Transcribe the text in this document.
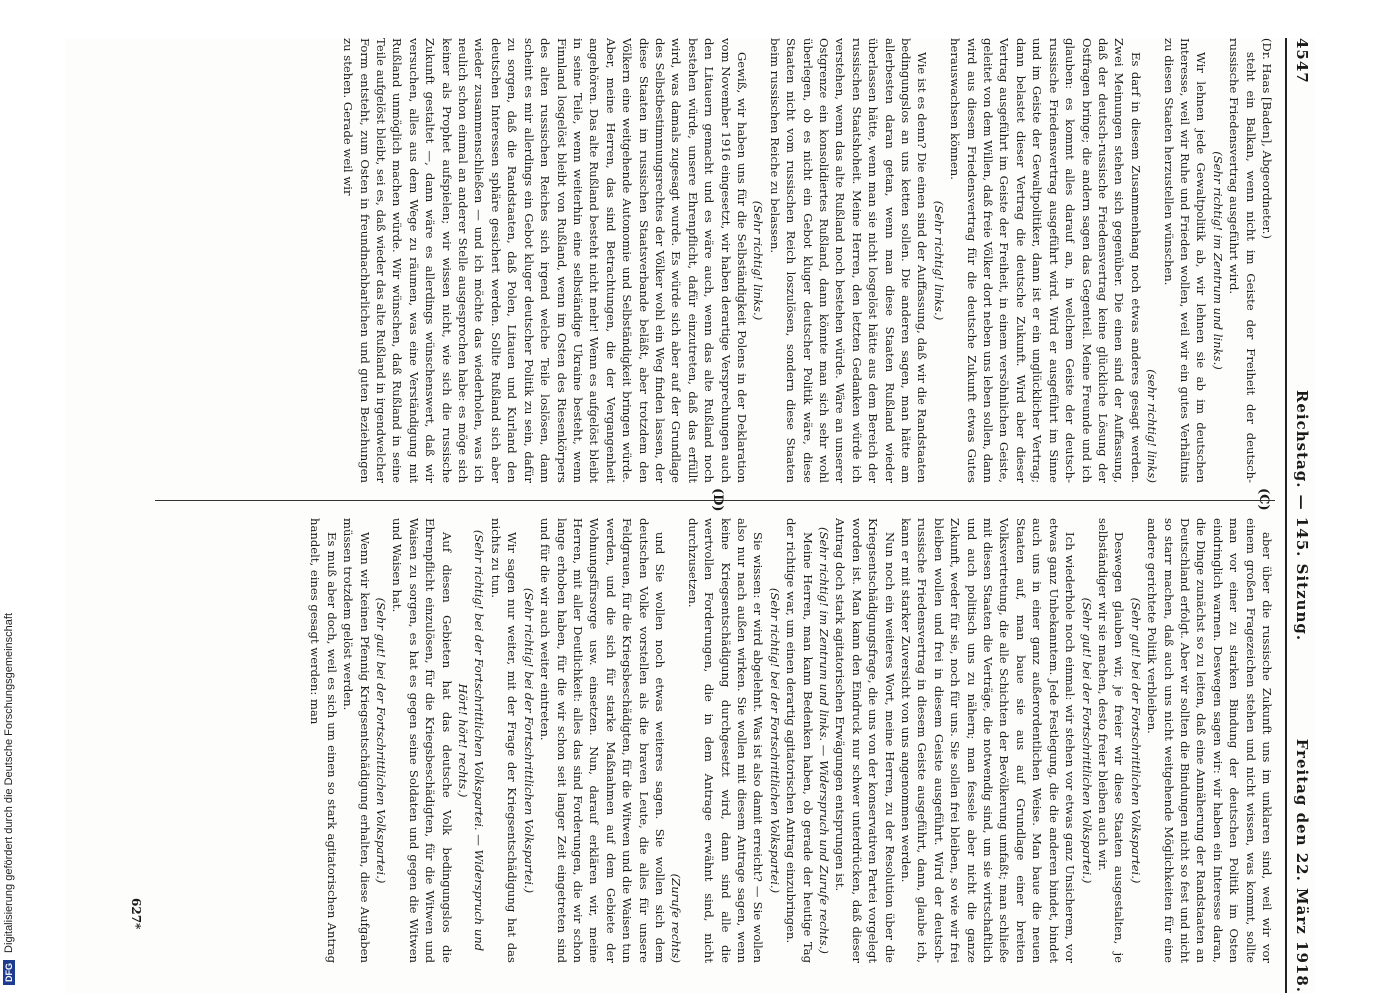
4547
Reichstag. — 145. Sitzung.
Freitag den 22. März 1918.

(Dr. Haas [Baden], Abgeordneter.)

steht ein Balkan, wenn nicht im Geiste der Freiheit der deutsch-russische Friedensvertrag ausgeführt wird.

(Sehr richtig! im Zentrum und links.)

Wir lehnen jede Gewaltpolitik ab, wir lehnen sie ab im deutschen Interesse, weil wir Ruhe und Frieden wollen, weil wir ein gutes Verhältnis zu diesen Staaten herzustellen wünschen.

(sehr richtig! links)

Es darf in diesem Zusammenhang noch etwas anderes gesagt werden. Zwei Meinungen stehen sich gegenüber. Die einen sind der Auffassung, daß der deutsch-russische Friedensvertrag keine glückliche Lösung der Ostfragen bringe; die andern sagen das Gegenteil. Meine Freunde und ich glauben: es kommt alles darauf an, in welchem Geiste der deutsch-russische Friedensvertrag ausgeführt wird. Wird er ausgeführt im Sinne und im Geiste der Gewaltpolitiker, dann ist er ein unglücklicher Vertrag; dann belastet dieser Vertrag die deutsche Zukunft. Wird aber dieser Vertrag ausgeführt im Geiste der Freiheit, in einem versöhnlichen Geiste, geleitet von dem Willen, daß freie Völker dort neben uns leben sollen, dann wird aus diesem Friedensvertrag für die deutsche Zukunft etwas Gutes herauswachsen können.

(Sehr richtig! links.)

Wie ist es denn? Die einen sind der Auffassung, daß wir die Randstaaten bedingungslos an uns ketten sollen. Die anderen sagen, man hätte am allerbesten daran getan, wenn man diese Staaten Rußland wieder überlassen hätte, wenn man sie nicht losgelöst hätte aus dem Bereich der russischen Staatshoheit. Meine Herren, den letzten Gedanken würde ich verstehen, wenn das alte Rußland noch bestehen würde. Wäre an unserer Ostgrenze ein konsolidiertes Rußland, dann könnte man sich sehr wohl überlegen, ob es nicht ein Gebot kluger deutscher Politik wäre, diese Staaten nicht vom russischen Reich loszulösen, sondern diese Staaten beim russischen Reiche zu belassen.

(Sehr richtig! links.)

Gewiß, wir haben uns für die Selbständigkeit Polens in der Deklaration vom November 1916 eingesetzt, wir haben derartige Versprechungen auch den Litauern gemacht und es wäre auch, wenn das alte Rußland noch bestehen würde, unsere Ehrenpflicht, dafür einzutreten, daß das erfüllt wird, was damals zugesagt wurde. Es würde sich aber auf der Grundlage des Selbstbestimmungsrechtes der Völker wohl ein Weg finden lassen, der diese Staaten im russischen Staatsverbande beläßt, aber trotzdem den Völkern eine weitgehende Autonomie und Selbständigkeit bringen würde. Aber, meine Herren, das sind Betrachtungen, die der Vergangenheit angehören. Das alte Rußland besteht nicht mehr! Wenn es aufgelöst bleibt in seine Teile, wenn weiterhin eine selbständige Ukraine besteht, wenn Finnland losgelöst bleibt von Rußland, wenn im Osten des Riesenkörpers des alten russischen Reiches sich irgend welche Teile loslösen, dann scheint es mir allerdings ein Gebot kluger deutscher Politik zu sein, dafür zu sorgen, daß die Randstaaten, daß Polen, Litauen und Kurland den deutschen Interessen sphäre gesichert werden. Sollte Rußland sich aber wieder zusammenschließen — und ich möchte das wiederholen, was ich neulich schon einmal an anderer Stelle ausgesprochen habe: es möge sich keiner als Prophet aufspielen; wir wissen nicht, wie sich die russische Zukunft gestaltet —, dann wäre es allerdings wünschenswert, daß wir versuchen, alles aus dem Wege zu räumen, was eine Verständigung mit Rußland unmöglich machen würde. Wir wünschen, daß Rußland in seine Teile aufgelöst bleibt, sei es, daß wieder das alte Rußland in irgendwelcher Form entsteht, zum Osten in freundnachbarlichen und guten Beziehungen zu stehen. Gerade weil wir

aber über die russische Zukunft uns im unklaren sind, weil wir vor einem großen Fragezeichen stehen und nicht wissen, was kommt, sollte man vor einer zu starken Bindung der deutschen Politik im Osten eindringlich warnen. Deswegen sagen wir: wir haben ein Interesse daran, die Dinge zunächst so zu leiten, daß eine Annäherung der Randstaaten an Deutschland erfolgt. Aber wir sollten die Bindungen nicht so fest und nicht so starr machen, daß auch uns nicht weitgehende Möglichkeiten für eine andere gerichtete Politik verbleiben.

(Sehr gut! bei der Fortschrittlichen Volkspartei.)

Deswegen glauben wir, je freier wir diese Staaten ausgestalten, je selbständiger wir sie machen, desto freier bleiben auch wir.

(Sehr gut! bei der Fortschrittlichen Volkspartei.)

Ich wiederhole noch einmal: wir stehen vor etwas ganz Unsicherem, vor etwas ganz Unbekanntem. Jede Festlegung, die die anderen bindet, bindet auch uns in einer ganz außerordentlichen Weise. Man baue die neuen Staaten auf, man baue sie aus auf Grundlage einer breiten Volksvertretung, die alle Schichten der Bevölkerung umfaßt; man schließe mit diesen Staaten die Verträge, die notwendig sind, um sie wirtschaftlich und auch politisch uns zu nähern; man fessele aber nicht die ganze Zukunft, weder für sie, noch für uns. Sie sollen frei bleiben, so wie wir frei bleiben wollen und frei in diesem Geiste ausgeführt. Wird der deutsch-russische Friedensvertrag in diesem Geiste ausgeführt, dann, glaube ich, kann er mit starker Zuversicht von uns angenommen werden.

Nun noch ein weiteres Wort, meine Herren, zu der Resolution über die Kriegsentschädigungsfrage, die uns von der konservativen Partei vorgelegt worden ist. Man kann den Eindruck nur schwer unterdrücken, daß dieser Antrag doch stark agitatorischen Erwägungen entsprungen ist.

(Sehr richtig! im Zentrum und links. — Widerspruch und Zurufe rechts.)

Meine Herren, man kann Bedenken haben, ob gerade der heutige Tag der richtige war, um einen derartig agitatorischen Antrag einzubringen.

(Sehr richtig! bei der Fortschrittlichen Volkspartei.)

Sie wissen: er wird abgelehnt. Was ist also damit erreicht? — Sie wollen also nur nach außen wirken. Sie wollen mit diesem Antrage sagen, wenn keine Kriegsentschädigung durchgesetzt wird, dann sind alle die wertvollen Forderungen, die in dem Antrage erwähnt sind, nicht durchzusetzen.

(Zurufe rechts)

und Sie wollen noch etwas weiteres sagen. Sie wollen sich dem deutschen Volke vorstellen als die braven Leute, die alles für unsere Feldgrauen, für die Kriegsbeschädigten, für die Witwen und die Waisen tun werden, und die sich für starke Maßnahmen auf dem Gebiete der Wohnungsfürsorge usw. einsetzen. Nun, darauf erklären wir, meine Herren, mit aller Deutlichkeit: alles das sind Forderungen, die wir schon lange erhoben haben, für die wir schon seit langer Zeit eingetreten sind und für die wir auch weiter eintreten.

(Sehr richtig! bei der Fortschrittlichen Volkspartei.)

Wir sagen nur weiter, mit der Frage der Kriegsentschädigung hat das nichts zu tun.

(Sehr richtig! bei der Fortschrittlichen Volkspartei. — Widerspruch und Hört! hört! rechts.)

Auf diesen Gebieten hat das deutsche Volk bedingungslos die Ehrenpflicht einzulösen, für die Kriegsbeschädigten, für die Witwen und Waisen zu sorgen, es hat es gegen seine Soldaten und gegen die Witwen und Waisen hat.

(Sehr gut! bei der Fortschrittlichen Volkspartei.)

Wenn wir keinen Pfennig Kriegsentschädigung erhalten, diese Aufgaben müssen trotzdem gelöst werden.

Es muß aber doch, weil es sich um einen so stark agitatorischen Antrag handelt, eines gesagt werden: man

(C)
(D)
627*
DFG Digitalisierung gefördert durch die Deutsche Forschungsgemeinschaft
